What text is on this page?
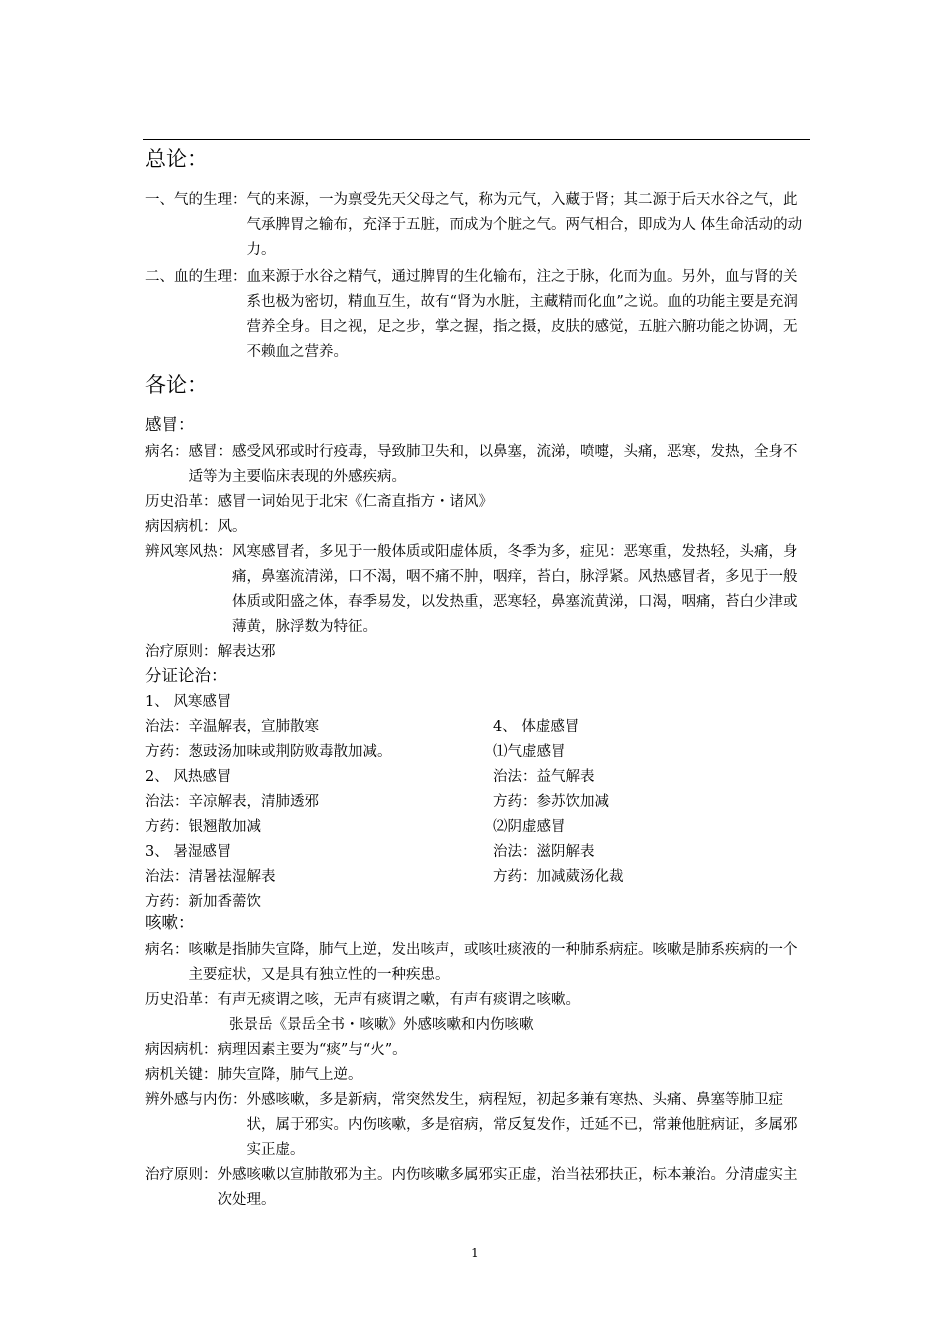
总论：
一、气的生理： 气的来源，一为禀受先天父母之气，称为元气，入藏于肾；其二源于后天水谷之气，此气承脾胃之输布，充泽于五脏，而成为个脏之气。两气相合，即成为人 体生命活动的动力。
二、血的生理： 血来源于水谷之精气，通过脾胃的生化输布，注之于脉，化而为血。另外，血与肾的关系也极为密切，精血互生，故有“肾为水脏，主藏精而化血”之说。血的功能主要是充润营养全身。目之视，足之步，掌之握，指之摄，皮肤的感觉，五脏六腑功能之协调，无不赖血之营养。
各论：
感冒：
病名： 感冒：感受风邪或时行疫毒，导致肺卫失和，以鼻塞，流涕，喷嚏，头痛，恶寒，发热，全身不适等为主要临床表现的外感疾病。
历史沿革：感冒一词始见于北宋《仁斋直指方・诸风》
病因病机：风。
辨风寒风热： 风寒感冒者，多见于一般体质或阳虚体质，冬季为多，症见：恶寒重，发热轻，头痛，身痛，鼻塞流清涕，口不渴，咽不痛不肿，咽痒，苔白，脉浮紧。风热感冒者，多见于一般体质或阳盛之体，春季易发，以发热重，恶寒轻，鼻塞流黄涕，口渴，咽痛，苔白少津或薄黄，脉浮数为特征。
治疗原则：解表达邪
分证论治：
1、 风寒感冒
治法：辛温解表，宣肺散寒
方药：葱豉汤加味或荆防败毒散加减。
2、 风热感冒
治法：辛凉解表，清肺透邪
方药：银翘散加减
3、 暑湿感冒
治法：清暑祛湿解表
方药：新加香薷饮
4、 体虚感冒
⑴气虚感冒
治法：益气解表
方药：参苏饮加减
⑵阴虚感冒
治法：滋阴解表
方药：加减葳汤化裁
咳嗽：
病名： 咳嗽是指肺失宣降，肺气上逆，发出咳声，或咳吐痰液的一种肺系病症。咳嗽是肺系疾病的一个主要症状，又是具有独立性的一种疾患。
历史沿革：有声无痰谓之咳，无声有痰谓之嗽，有声有痰谓之咳嗽。
张景岳《景岳全书・咳嗽》外感咳嗽和内伤咳嗽
病因病机：病理因素主要为“痰”与“火”。
病机关键：肺失宣降，肺气上逆。
辨外感与内伤： 外感咳嗽，多是新病，常突然发生，病程短，初起多兼有寒热、头痛、鼻塞等肺卫症状，属于邪实。内伤咳嗽，多是宿病，常反复发作，迁延不已，常兼他脏病证，多属邪实正虚。
治疗原则： 外感咳嗽以宣肺散邪为主。内伤咳嗽多属邪实正虚，治当祛邪扶正，标本兼治。分清虚实主次处理。
1
